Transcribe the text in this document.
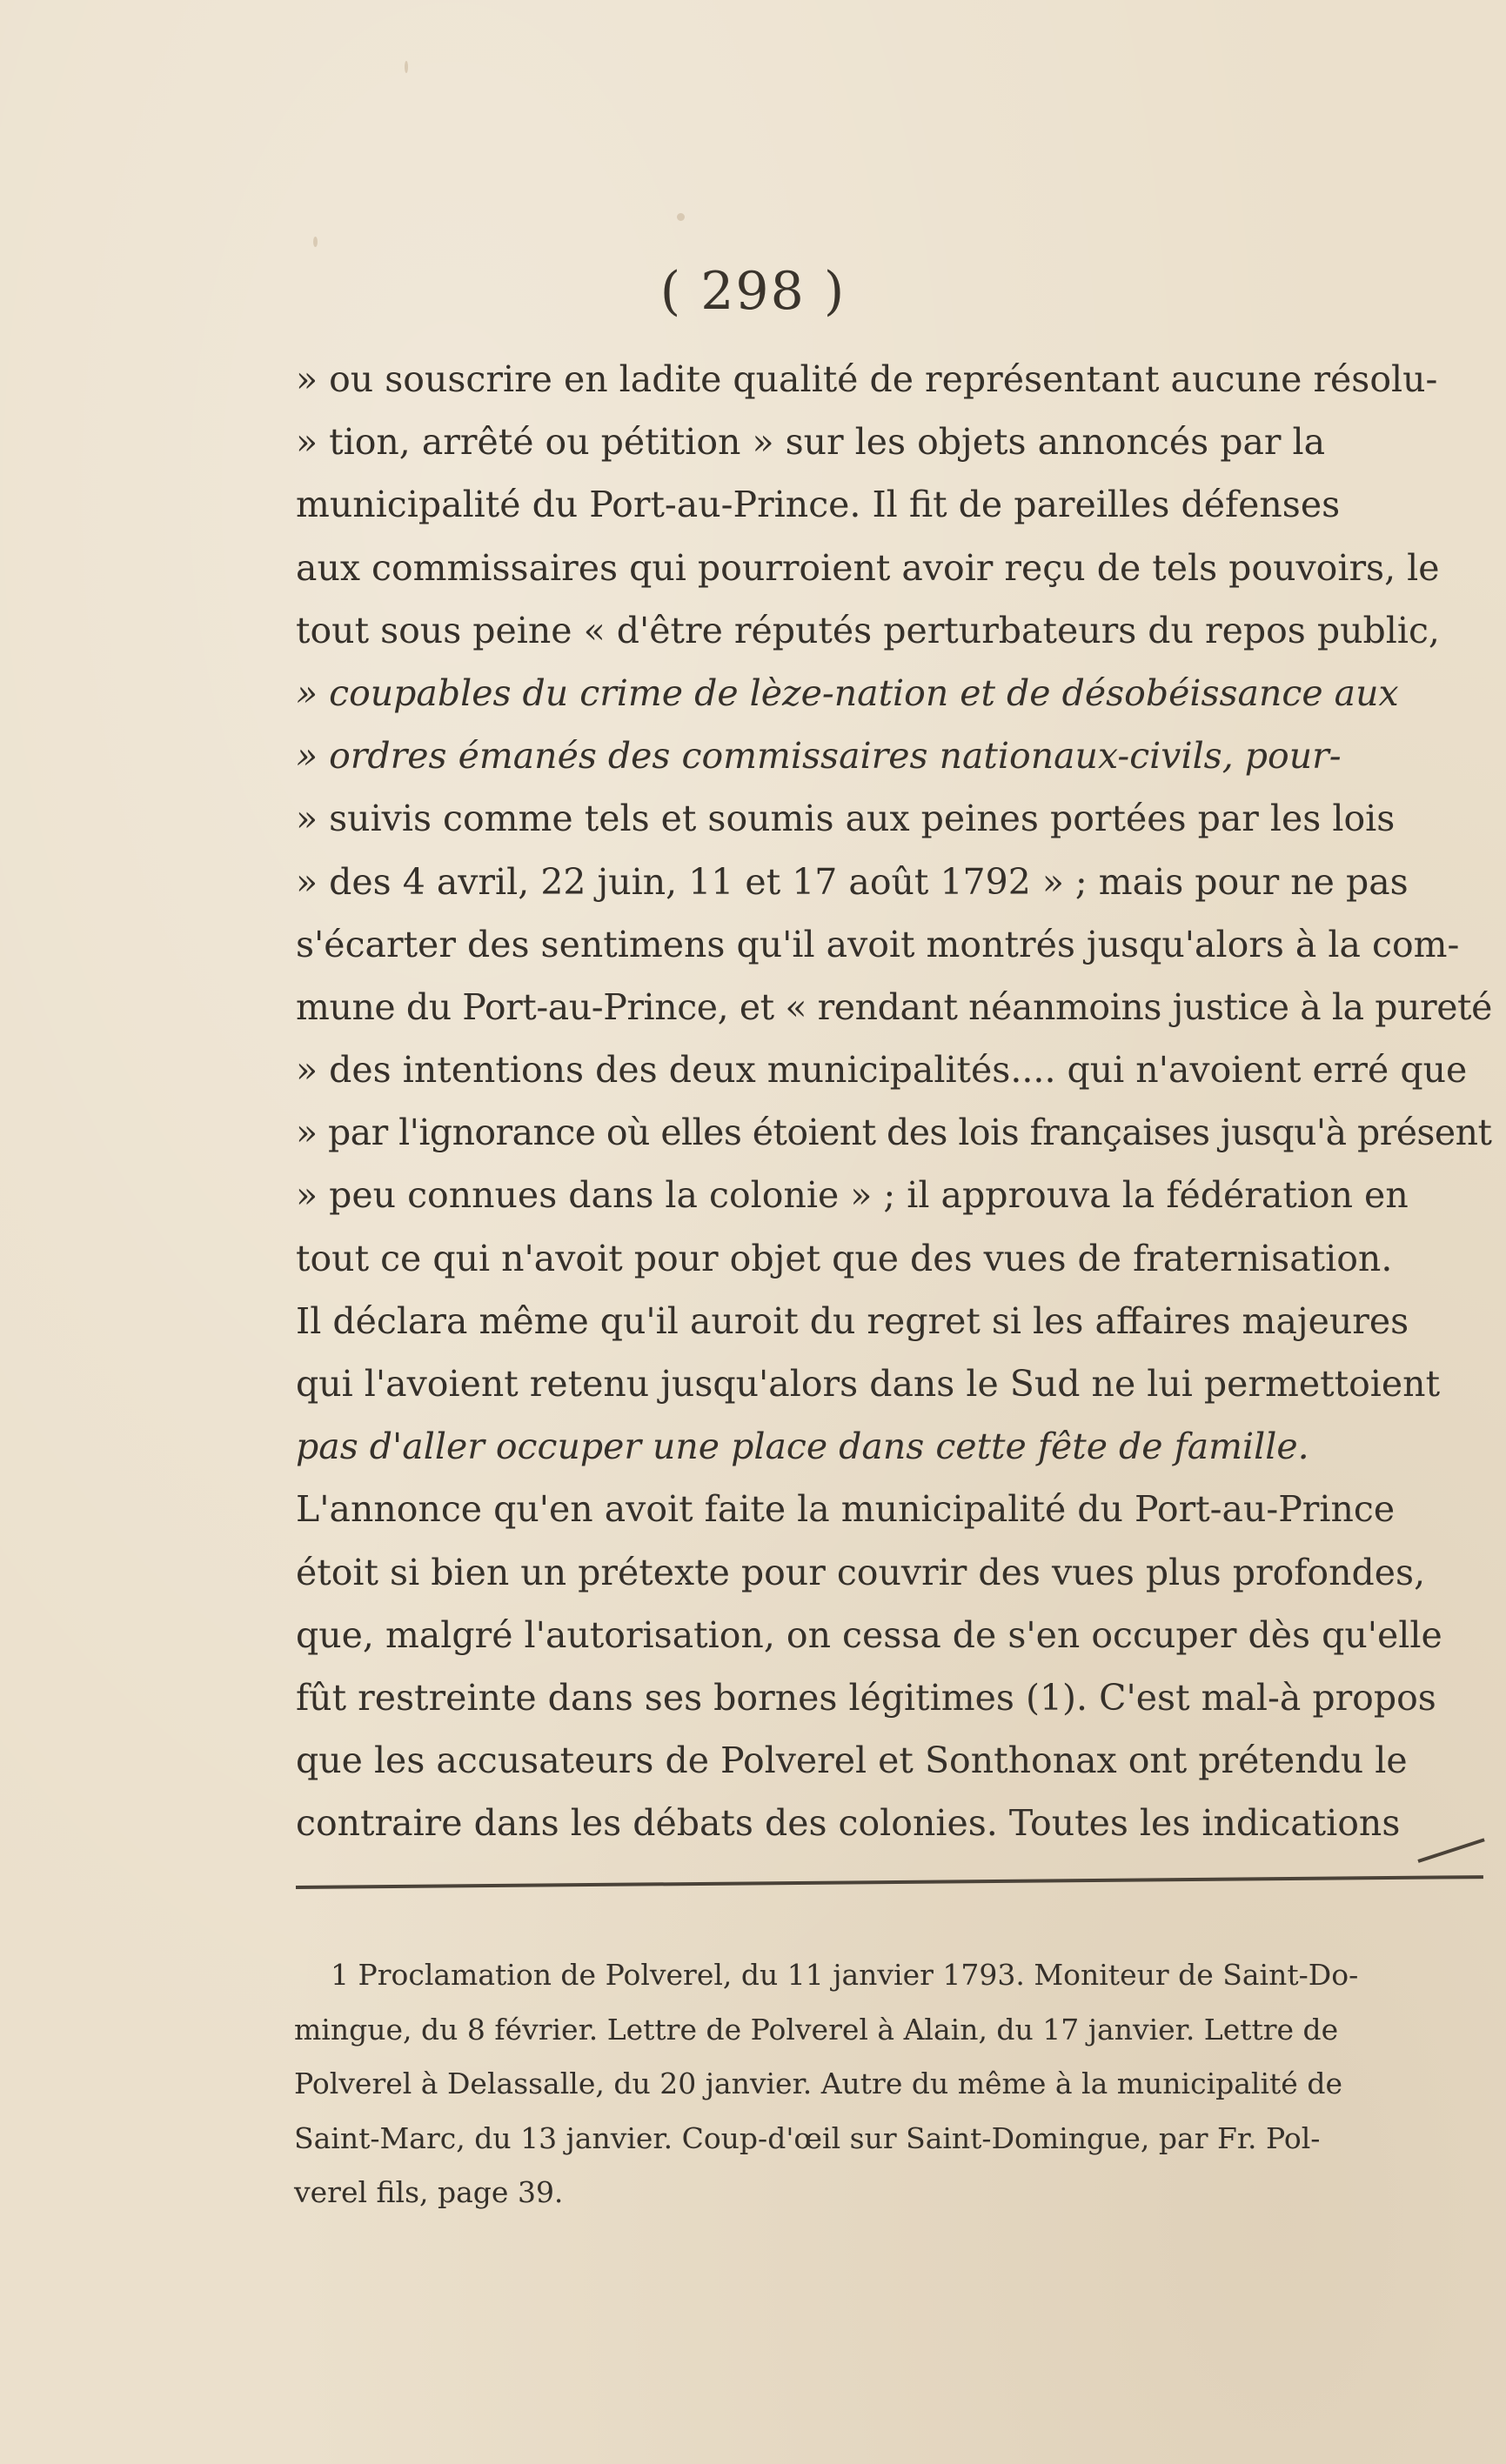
( 298 )
» ou souscrire en ladite qualité de représentant aucune résolu-
» tion, arrêté ou pétition » sur les objets annoncés par la
municipalité du Port-au-Prince. Il fit de pareilles défenses
aux commissaires qui pourroient avoir reçu de tels pouvoirs, le
tout sous peine « d'être réputés perturbateurs du repos public,
» coupables du crime de lèze-nation et de désobéissance aux
» ordres émanés des commissaires nationaux-civils, pour-
» suivis comme tels et soumis aux peines portées par les lois
» des 4 avril, 22 juin, 11 et 17 août 1792 » ; mais pour ne pas
s'écarter des sentimens qu'il avoit montrés jusqu'alors à la com-
mune du Port-au-Prince, et « rendant néanmoins justice à la pureté
» des intentions des deux municipalités.... qui n'avoient erré que
» par l'ignorance où elles étoient des lois françaises jusqu'à présent
» peu connues dans la colonie » ; il approuva la fédération en
tout ce qui n'avoit pour objet que des vues de fraternisation.
Il déclara même qu'il auroit du regret si les affaires majeures
qui l'avoient retenu jusqu'alors dans le Sud ne lui permettoient
pas d'aller occuper une place dans cette fête de famille.
L'annonce qu'en avoit faite la municipalité du Port-au-Prince
étoit si bien un prétexte pour couvrir des vues plus profondes,
que, malgré l'autorisation, on cessa de s'en occuper dès qu'elle
fût restreinte dans ses bornes légitimes (1). C'est mal-à propos
que les accusateurs de Polverel et Sonthonax ont prétendu le
contraire dans les débats des colonies. Toutes les indications
1 Proclamation de Polverel, du 11 janvier 1793. Moniteur de Saint-Do-
mingue, du 8 février. Lettre de Polverel à Alain, du 17 janvier. Lettre de
Polverel à Delassalle, du 20 janvier. Autre du même à la municipalité de
Saint-Marc, du 13 janvier. Coup-d'œil sur Saint-Domingue, par Fr. Pol-
verel fils, page 39.
